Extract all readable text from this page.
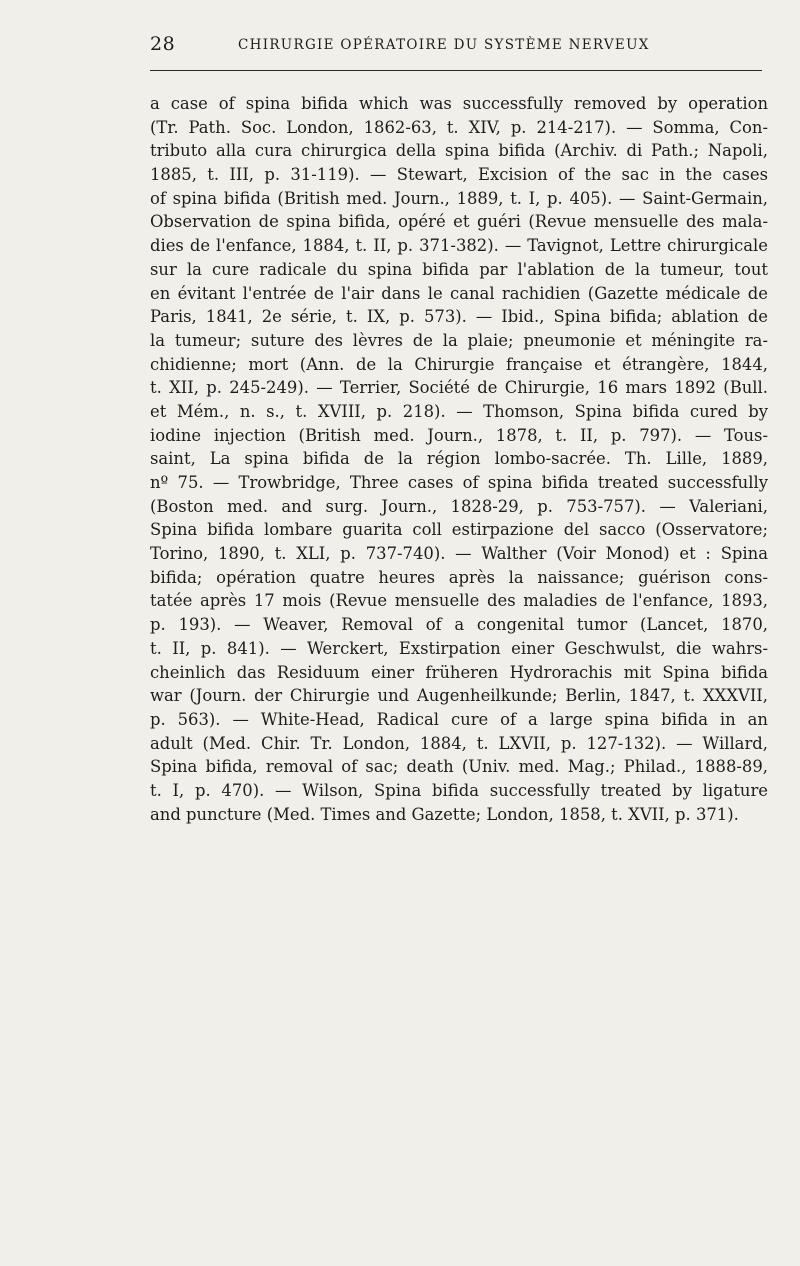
28	CHIRURGIE OPÉRATOIRE DU SYSTÈME NERVEUX
a case of spina bifida which was successfully removed by operation
(Tr. Path. Soc. London, 1862-63, t. XIV, p. 214-217). — Somma, Con-
tributo alla cura chirurgica della spina bifida (Archiv. di Path.; Napoli,
1885, t. III, p. 31-119). — Stewart, Excision of the sac in the cases
of spina bifida (British med. Journ., 1889, t. I, p. 405). — Saint-Germain,
Observation de spina bifida, opéré et guéri (Revue mensuelle des mala-
dies de l'enfance, 1884, t. II, p. 371-382). — Tavignot, Lettre chirurgicale
sur la cure radicale du spina bifida par l'ablation de la tumeur, tout
en évitant l'entrée de l'air dans le canal rachidien (Gazette médicale de
Paris, 1841, 2e série, t. IX, p. 573). — Ibid., Spina bifida; ablation de
la tumeur; suture des lèvres de la plaie; pneumonie et méningite ra-
chidienne; mort (Ann. de la Chirurgie française et étrangère, 1844,
t. XII, p. 245-249). — Terrier, Société de Chirurgie, 16 mars 1892 (Bull.
et Mém., n. s., t. XVIII, p. 218). — Thomson, Spina bifida cured by
iodine injection (British med. Journ., 1878, t. II, p. 797). — Tous-
saint, La spina bifida de la région lombo-sacrée. Th. Lille, 1889,
nº 75. — Trowbridge, Three cases of spina bifida treated successfully
(Boston med. and surg. Journ., 1828-29, p. 753-757). — Valeriani,
Spina bifida lombare guarita coll estirpazione del sacco (Osservatore;
Torino, 1890, t. XLI, p. 737-740). — Walther (Voir Monod) et : Spina
bifida; opération quatre heures après la naissance; guérison cons-
tatée après 17 mois (Revue mensuelle des maladies de l'enfance, 1893,
p. 193). — Weaver, Removal of a congenital tumor (Lancet, 1870,
t. II, p. 841). — Werckert, Exstirpation einer Geschwulst, die wahrs-
cheinlich das Residuum einer früheren Hydrorachis mit Spina bifida
war (Journ. der Chirurgie und Augenheilkunde; Berlin, 1847, t. XXXVII,
p. 563). — White-Head, Radical cure of a large spina bifida in an
adult (Med. Chir. Tr. London, 1884, t. LXVII, p. 127-132). — Willard,
Spina bifida, removal of sac; death (Univ. med. Mag.; Philad., 1888-89,
t. I, p. 470). — Wilson, Spina bifida successfully treated by ligature
and puncture (Med. Times and Gazette; London, 1858, t. XVII, p. 371).
